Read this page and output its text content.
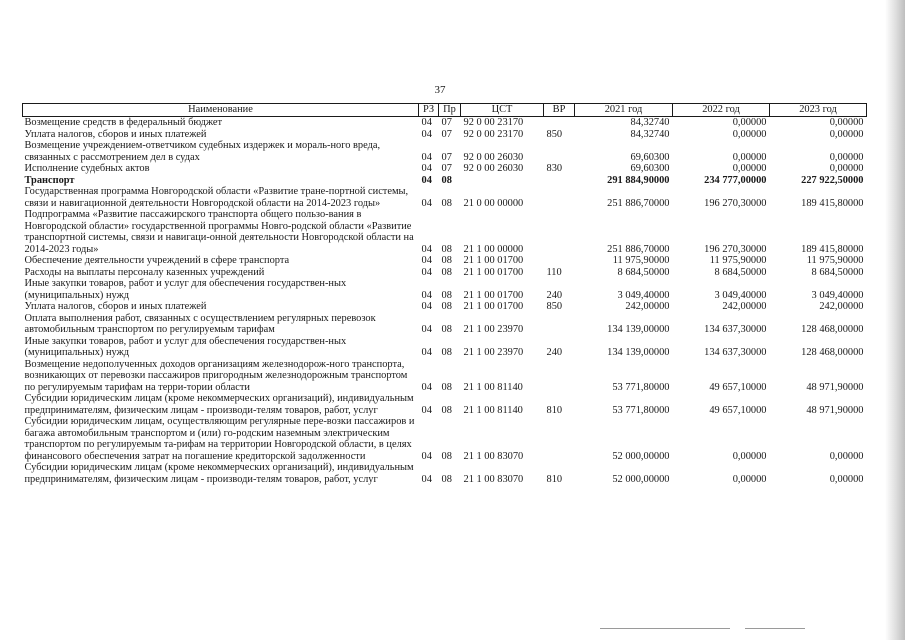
37
Наименование	РЗ	Пр	ЦСТ	ВР	2021 год	2022 год	2023 год
Возмещение средств в федеральный бюджет	04	07	92 0 00 23170		84,32740	0,00000	0,00000
Уплата налогов, сборов и иных платежей	04	07	92 0 00 23170	850	84,32740	0,00000	0,00000
Возмещение учреждением-ответчиком судебных издержек и мораль-ного вреда, связанных с рассмотрением дел в судах	04	07	92 0 00 26030		69,60300	0,00000	0,00000
Исполнение судебных актов	04	07	92 0 00 26030	830	69,60300	0,00000	0,00000
Транспорт	04	08			291 884,90000	234 777,00000	227 922,50000
Государственная программа Новгородской области «Развитие тране-портной системы, связи и навигационной деятельности Новгородской области на 2014-2023 годы»	04	08	21 0 00 00000		251 886,70000	196 270,30000	189 415,80000
Подпрограмма «Развитие пассажирского транспорта общего пользо-вания в Новгородской области» государственной программы Новго-родской области «Развитие транспортной системы, связи и навигаци-онной деятельности Новгородской области на 2014-2023 годы»	04	08	21 1 00 00000		251 886,70000	196 270,30000	189 415,80000
Обеспечение деятельности учреждений в сфере транспорта	04	08	21 1 00 01700		11 975,90000	11 975,90000	11 975,90000
Расходы на выплаты персоналу казенных учреждений	04	08	21 1 00 01700	110	8 684,50000	8 684,50000	8 684,50000
Иные закупки товаров, работ и услуг для обеспечения государствен-ных (муниципальных) нужд	04	08	21 1 00 01700	240	3 049,40000	3 049,40000	3 049,40000
Уплата налогов, сборов и иных платежей	04	08	21 1 00 01700	850	242,00000	242,00000	242,00000
Оплата выполнения работ, связанных с осуществлением регулярных перевозок автомобильным транспортом по регулируемым тарифам	04	08	21 1 00 23970		134 139,00000	134 637,30000	128 468,00000
Иные закупки товаров, работ и услуг для обеспечения государствен-ных (муниципальных) нужд	04	08	21 1 00 23970	240	134 139,00000	134 637,30000	128 468,00000
Возмещение недополученных доходов организациям железнодорож-ного транспорта, возникающих от перевозки пассажиров пригородным железнодорожным транспортом по регулируемым тарифам на терри-тории области	04	08	21 1 00 81140		53 771,80000	49 657,10000	48 971,90000
Субсидии юридическим лицам (кроме некоммерческих организаций), индивидуальным предпринимателям, физическим лицам - производи-телям товаров, работ, услуг	04	08	21 1 00 81140	810	53 771,80000	49 657,10000	48 971,90000
Субсидии юридическим лицам, осуществляющим регулярные пере-возки пассажиров и багажа автомобильным транспортом и (или) го-родским наземным электрическим транспортом по регулируемым та-рифам на территории Новгородской области, в целях финансового обеспечения затрат на погашение кредиторской задолженности	04	08	21 1 00 83070		52 000,00000	0,00000	0,00000
Субсидии юридическим лицам (кроме некоммерческих организаций), индивидуальным предпринимателям, физическим лицам - производи-телям товаров, работ, услуг	04	08	21 1 00 83070	810	52 000,00000	0,00000	0,00000
